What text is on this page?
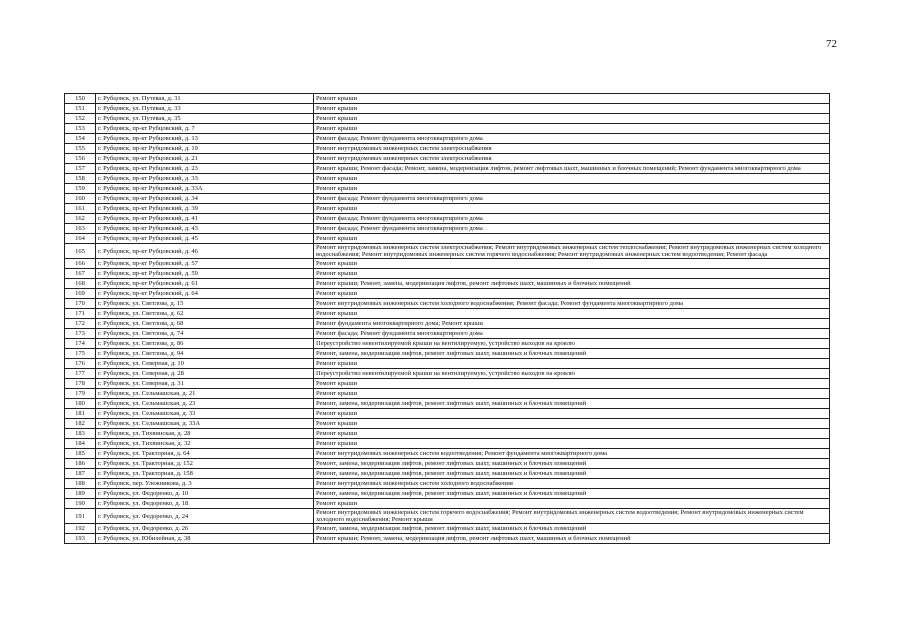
72
150	г. Рубцовск, ул. Путевая, д. 31	Ремонт крыши
151	г. Рубцовск, ул. Путевая, д. 33	Ремонт крыши
152	г. Рубцовск, ул. Путевая, д. 35	Ремонт крыши
153	г. Рубцовск, пр-кт Рубцовский, д. 7	Ремонт крыши
154	г. Рубцовск, пр-кт Рубцовский, д. 13	Ремонт фасада; Ремонт фундамента многоквартирного дома
155	г. Рубцовск, пр-кт Рубцовский, д. 19	Ремонт внутридомовых инженерных систем электроснабжения
156	г. Рубцовск, пр-кт Рубцовский, д. 21	Ремонт внутридомовых инженерных систем электроснабжения
157	г. Рубцовск, пр-кт Рубцовский, д. 23	Ремонт крыши; Ремонт фасада; Ремонт, замена, модернизация лифтов, ремонт лифтовых шахт, машинных и блочных помещений; Ремонт фундамента многоквартирного дома
158	г. Рубцовск, пр-кт Рубцовский, д. 33	Ремонт крыши
159	г. Рубцовск, пр-кт Рубцовский, д. 33А	Ремонт крыши
160	г. Рубцовск, пр-кт Рубцовский, д. 34	Ремонт фасада; Ремонт фундамента многоквартирного дома
161	г. Рубцовск, пр-кт Рубцовский, д. 39	Ремонт крыши
162	г. Рубцовск, пр-кт Рубцовский, д. 41	Ремонт фасада; Ремонт фундамента многоквартирного дома
163	г. Рубцовск, пр-кт Рубцовский, д. 43	Ремонт фасада; Ремонт фундамента многоквартирного дома
164	г. Рубцовск, пр-кт Рубцовский, д. 45	Ремонт крыши
165	г. Рубцовск, пр-кт Рубцовский, д. 46	Ремонт внутридомовых инженерных систем электроснабжения; Ремонт внутридомовых инженерных систем теплоснабжения; Ремонт внутридомовых инженерных систем холодного водоснабжения; Ремонт внутридомовых инженерных систем горячего водоснабжения; Ремонт внутридомовых инженерных систем водоотведения; Ремонт фасада
166	г. Рубцовск, пр-кт Рубцовский, д. 57	Ремонт крыши
167	г. Рубцовск, пр-кт Рубцовский, д. 59	Ремонт крыши
168	г. Рубцовск, пр-кт Рубцовский, д. 61	Ремонт крыши; Ремонт, замена, модернизация лифтов, ремонт лифтовых шахт, машинных и блочных помещений
169	г. Рубцовск, пр-кт Рубцовский, д. 64	Ремонт крыши
170	г. Рубцовск, ул. Светлова, д. 15	Ремонт внутридомовых инженерных систем холодного водоснабжения; Ремонт фасада; Ремонт фундамента многоквартирного дома
171	г. Рубцовск, ул. Светлова, д. 62	Ремонт крыши
172	г. Рубцовск, ул. Светлова, д. 68	Ремонт фундамента многоквартирного дома; Ремонт крыши
173	г. Рубцовск, ул. Светлова, д. 74	Ремонт фасада; Ремонт фундамента многоквартирного дома
174	г. Рубцовск, ул. Светлова, д. 86	Переустройство невентилируемой крыши на вентилируемую, устройство выходов на кровлю
175	г. Рубцовск, ул. Светлова, д. 94	Ремонт, замена, модернизация лифтов, ремонт лифтовых шахт, машинных и блочных помещений
176	г. Рубцовск, ул. Северная, д. 10	Ремонт крыши
177	г. Рубцовск, ул. Северная, д. 28	Переустройство невентилируемой крыши на вентилируемую, устройство выходов на кровлю
178	г. Рубцовск, ул. Северная, д. 31	Ремонт крыши
179	г. Рубцовск, ул. Сельмашская, д. 21	Ремонт крыши
180	г. Рубцовск, ул. Сельмашская, д. 23	Ремонт, замена, модернизация лифтов, ремонт лифтовых шахт, машинных и блочных помещений
181	г. Рубцовск, ул. Сельмашская, д. 33	Ремонт крыши
182	г. Рубцовск, ул. Сельмашская, д. 33А	Ремонт крыши
183	г. Рубцовск, ул. Тихвинская, д. 28	Ремонт крыши
184	г. Рубцовск, ул. Тихвинская, д. 32	Ремонт крыши
185	г. Рубцовск, ул. Тракторная, д. 64	Ремонт внутридомовых инженерных систем водоотведения; Ремонт фундамента многоквартирного дома
186	г. Рубцовск, ул. Тракторная, д. 152	Ремонт, замена, модернизация лифтов, ремонт лифтовых шахт, машинных и блочных помещений
187	г. Рубцовск, ул. Тракторная, д. 158	Ремонт, замена, модернизация лифтов, ремонт лифтовых шахт, машинных и блочных помещений
188	г. Рубцовск, пер. Улежникова, д. 3	Ремонт внутридомовых инженерных систем холодного водоснабжения
189	г. Рубцовск, ул. Федоренко, д. 10	Ремонт, замена, модернизация лифтов, ремонт лифтовых шахт, машинных и блочных помещений
190	г. Рубцовск, ул. Федоренко, д. 18	Ремонт крыши
191	г. Рубцовск, ул. Федоренко, д. 24	Ремонт внутридомовых инженерных систем горячего водоснабжения; Ремонт внутридомовых инженерных систем водоотведения; Ремонт внутридомовых инженерных систем холодного водоснабжения; Ремонт крыши
192	г. Рубцовск, ул. Федоренко, д. 26	Ремонт, замена, модернизация лифтов, ремонт лифтовых шахт, машинных и блочных помещений
193	г. Рубцовск, ул. Юбилейная, д. 38	Ремонт крыши; Ремонт, замена, модернизация лифтов, ремонт лифтовых шахт, машинных и блочных помещений
